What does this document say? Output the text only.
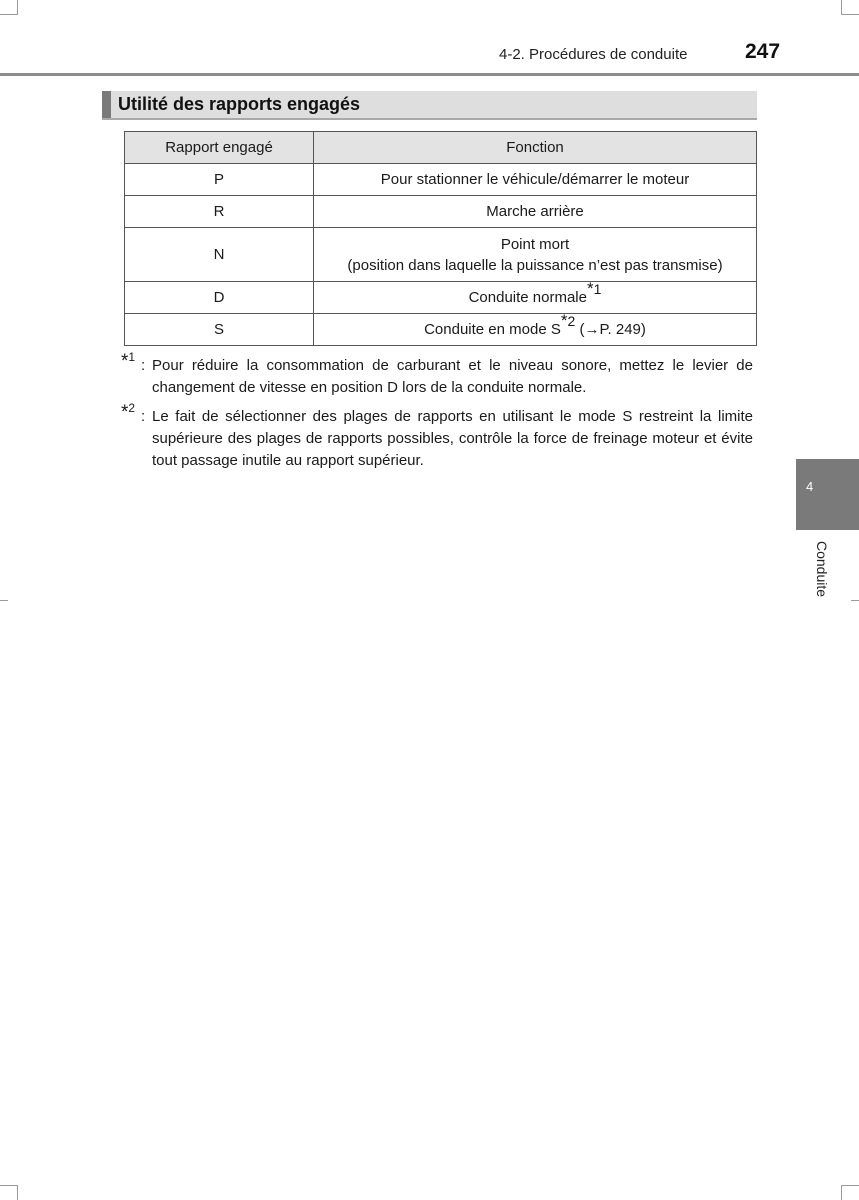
4-2. Procédures de conduite	247
Utilité des rapports engagés
Rapport engagé	Fonction
P	Pour stationner le véhicule/démarrer le moteur
R	Marche arrière
N	Point mort
(position dans laquelle la puissance n’est pas transmise)
D	Conduite normale$^{*1}$
S	Conduite en mode $S^{*2}$ (→P. 249)
*$^1$ : Pour réduire la consommation de carburant et le niveau sonore, mettez le levier de changement de vitesse en position D lors de la conduite normale.
*$^2$ : Le fait de sélectionner des plages de rapports en utilisant le mode S restreint la limite supérieure des plages de rapports possibles, contrôle la force de freinage moteur et évite tout passage inutile au rapport supérieur.
4
Conduite
